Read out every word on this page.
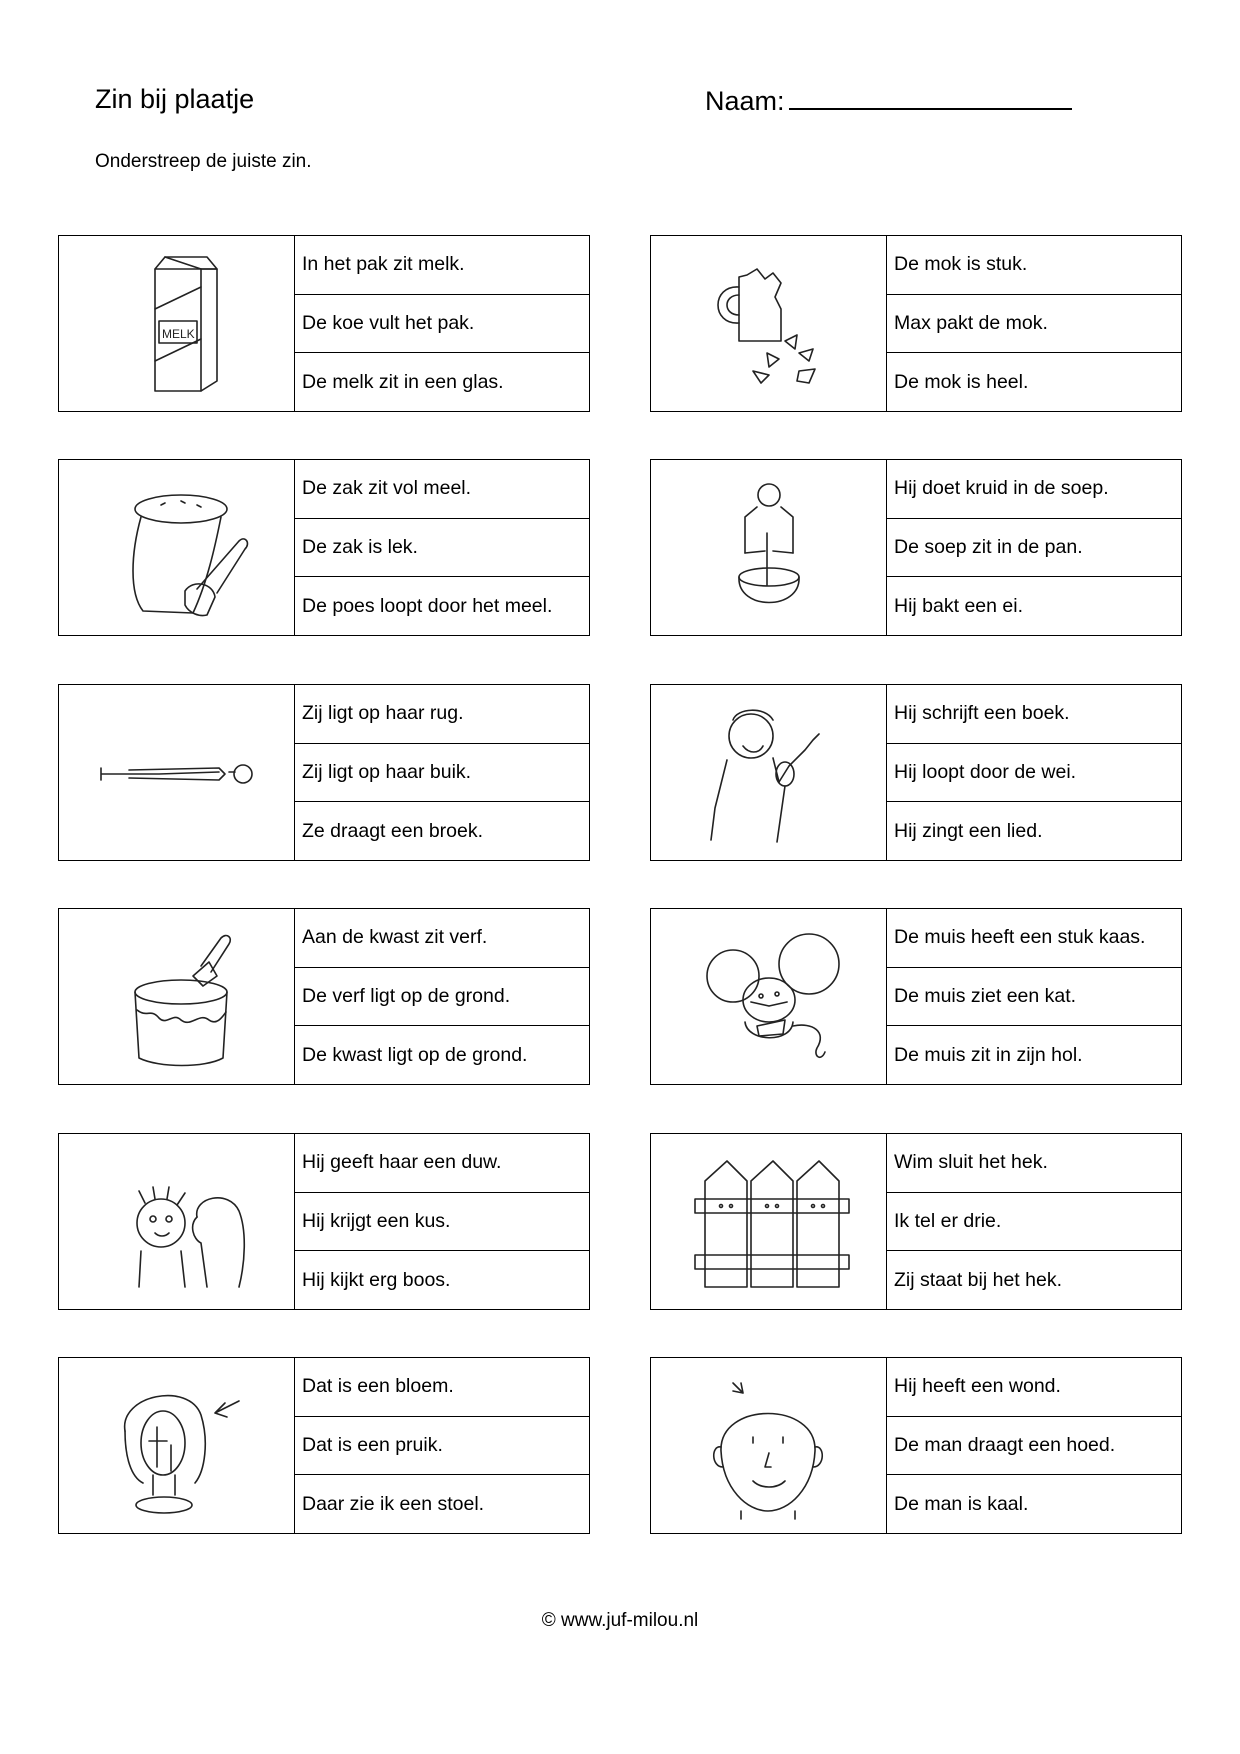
Zin bij plaatje	Naam:
Onderstreep de juiste zin.
MELK
In het pak zit melk.
De koe vult het pak.
De melk zit in een glas.
De mok is stuk.
Max pakt de mok.
De mok is heel.
De zak zit vol meel.
De zak is lek.
De poes loopt door het meel.
Hij doet kruid in de soep.
De soep zit in de pan.
Hij bakt een ei.
Zij ligt op haar rug.
Zij ligt op haar buik.
Ze draagt een broek.
Hij schrijft een boek.
Hij loopt door de wei.
Hij zingt een lied.
Aan de kwast zit verf.
De verf ligt op de grond.
De kwast ligt op de grond.
De muis heeft een stuk kaas.
De muis ziet een kat.
De muis zit in zijn hol.
Hij geeft haar een duw.
Hij krijgt een kus.
Hij kijkt erg boos.
Wim sluit het hek.
Ik tel er drie.
Zij staat bij het hek.
Dat is een bloem.
Dat is een pruik.
Daar zie ik een stoel.
Hij heeft een wond.
De man draagt een hoed.
De man is kaal.
© www.juf-milou.nl
